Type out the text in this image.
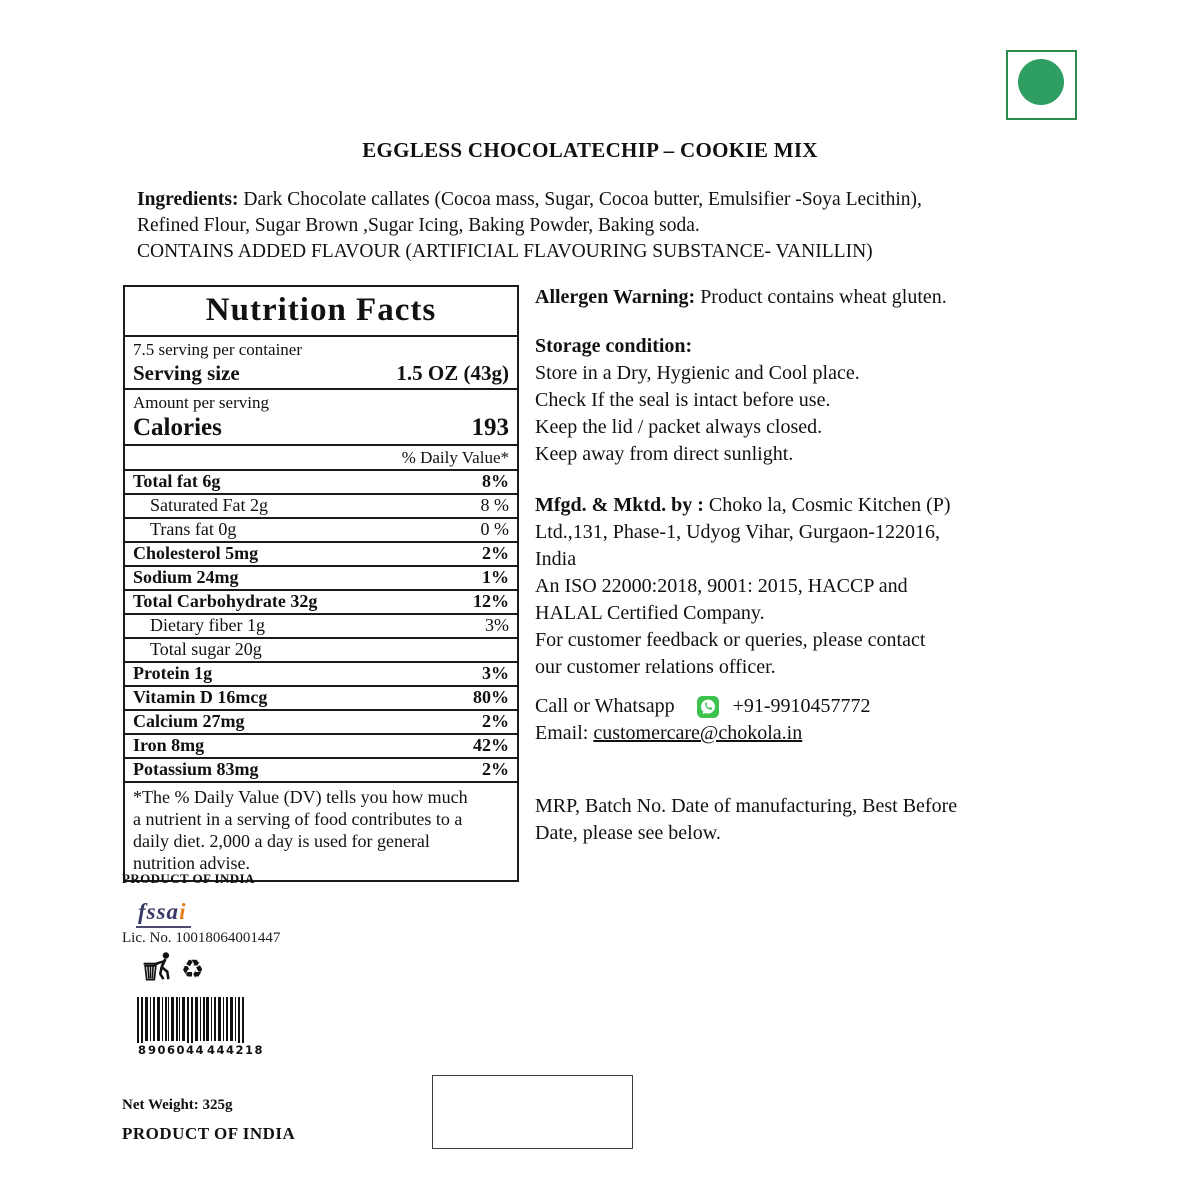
EGGLESS CHOCOLATECHIP – COOKIE MIX
Ingredients: Dark Chocolate callates (Cocoa mass, Sugar, Cocoa butter, Emulsifier -Soya Lecithin),
Refined Flour, Sugar Brown ,Sugar Icing, Baking Powder, Baking soda.
CONTAINS ADDED FLAVOUR (ARTIFICIAL FLAVOURING SUBSTANCE- VANILLIN)
Nutrition Facts
7.5 serving per container
Serving size	1.5 OZ (43g)
Amount per serving
Calories	193
% Daily Value*
Total fat 6g	8%
Saturated Fat 2g	8 %
Trans fat 0g	0 %
Cholesterol 5mg	2%
Sodium 24mg	1%
Total Carbohydrate 32g	12%
Dietary fiber 1g	3%
Total sugar 20g
Protein 1g	3%
Vitamin D 16mcg	80%
Calcium 27mg	2%
Iron 8mg	42%
Potassium 83mg	2%
*The % Daily Value (DV) tells you how much
a nutrient in a serving of food contributes to a
daily diet. 2,000 a day is used for general
nutrition advise.
Allergen Warning: Product contains wheat gluten.
Storage condition:
Store in a Dry, Hygienic and Cool place.
Check If the seal is intact before use.
Keep the lid / packet always closed.
Keep away from direct sunlight.
Mfgd. & Mktd. by : Choko la, Cosmic Kitchen (P)
Ltd.,131, Phase-1, Udyog Vihar, Gurgaon-122016,
India
An ISO 22000:2018, 9001: 2015, HACCP and
HALAL Certified Company.
For customer feedback or queries, please contact
our customer relations officer.
Call or Whatsapp	+91-9910457772
Email: customercare@chokola.in
MRP, Batch No. Date of manufacturing, Best Before
Date, please see below.
PRODUCT OF INDIA
fssai
Lic. No. 10018064001447
♻
8 906044 444218
Net Weight: 325g
PRODUCT OF INDIA
